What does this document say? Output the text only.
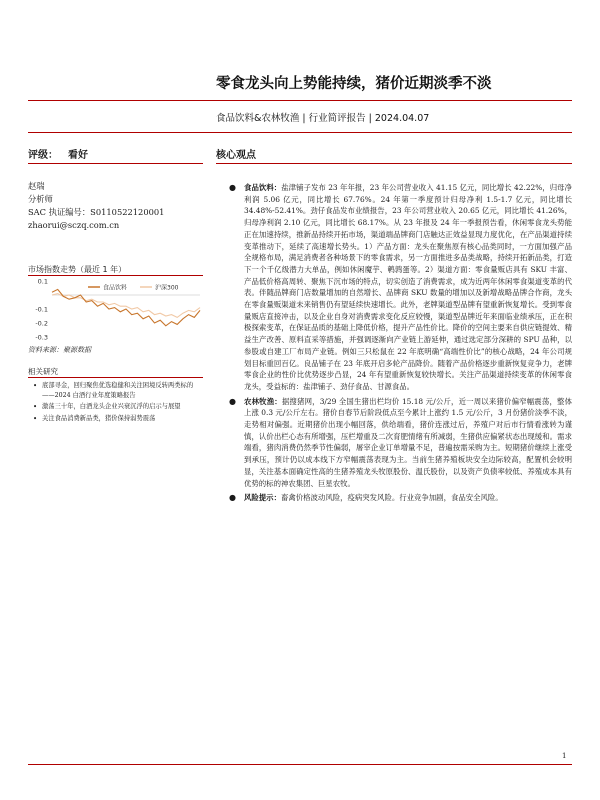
零食龙头向上势能持续，猪价近期淡季不淡
食品饮料&农林牧渔 | 行业简评报告 | 2024.04.07
评级： 看好	核心观点
赵瑞
分析师
SAC 执证编号：S0110522120001
zhaorui@sczq.com.cn
市场指数走势（最近 1 年）
0.1
-0.1
-0.2
-0.3
食品饮料	沪深300
资料来源：聚源数据
相关研究
• 底部寻金，回归聚焦优选稳健和关注困境反转两类标的——2024 白酒行业年度策略报告
• 激荡三十年，白酒龙头企业兴衰沉浮的启示与展望
• 关注食品消费新品类，猪价保持弱势震荡
● 食品饮料：盐津铺子发布 23 年年报，23 年公司营业收入 41.15 亿元，同比增长 42.22%，归母净利润 5.06 亿元，同比增长 67.76%。24 年第一季度预计归母净利 1.5-1.7 亿元，同比增长 34.48%-52.41%。劲仔食品发布业绩报告，23 年公司营业收入 20.65 亿元，同比增长 41.26%，归母净利润 2.10 亿元，同比增长 68.17%。从 23 年报及 24 年一季报预告看，休闲零食龙头势能正在加速持续，推新品持续开拓市场，渠道端品牌商门店触达正效益显现力度优化，在产品渠道持续变革推动下，延续了高速增长势头。1）产品方面：龙头在聚焦原有核心品类同时，一方面加强产品全规格布局，满足消费者各种场景下的零食需求，另一方面推进多品类战略，持续开拓新品类，打造下一个千亿级潜力大单品，例如休闲魔芋、鹌鹑蛋等。2）渠道方面：零食量贩店具有 SKU 丰富、产品低价格高周转、聚焦下沉市场的特点，切实创造了消费需求，成为近两年休闲零食渠道变革的代表。伴随品牌商门店数量增加的自然增长、品牌商 SKU 数量的增加以及新增战略品牌合作商，龙头在零食量贩渠道未来销售仍有望延续快速增长。此外，老牌渠道型品牌有望重新恢复增长。受到零食量贩店直接冲击，以及企业自身对消费需求变化反应较慢，渠道型品牌近年来面临业绩承压，正在积极探索变革，在保证品质的基础上降低价格，提升产品性价比。降价的空间主要来自供应链提效、精益生产改善、原料直采等措施，并强调逐渐向产业链上游延伸，通过选定部分深耕的 SPU 品种，以参股或自建工厂布局产业链。例如三只松鼠在 22 年底明确“高端性价比”的核心战略，24 年公司规划目标重回百亿。良品铺子在 23 年底开启多轮产品降价。随着产品价格逐步重新恢复竞争力，老牌零食企业的性价比优势逐步凸显，24 年有望重新恢复较快增长。关注产品渠道持续变革的休闲零食龙头，受益标的：盐津铺子、劲仔食品、甘源食品。
● 农林牧渔：据搜猪网，3/29 全国生猪出栏均价 15.18 元/公斤，近一周以来猪价偏窄幅震荡，整体上涨 0.3 元/公斤左右。猪价自春节后阶段低点至今累计上涨约 1.5 元/公斤，3 月份猪价淡季不淡，走势相对偏强。近期猪价出现小幅回落，供给端看，猪价连涨过后，养殖户对后市行情看涨转为谨慎，认价出栏心态有所增强，压栏增重及二次育肥情绪有所减弱，生猪供应偏紧状态出现缓和。需求端看，猪肉消费仍然季节性偏弱，屠宰企业订单增量不足，普遍按需采购为主。短期猪价继续上涨受到承压，预计仍以成本线下方窄幅震荡表现为主。当前生猪养殖板块安全边际较高，配置机会较明显，关注基本面确定性高的生猪养殖龙头牧原股份、温氏股份，以及资产负债率较低、养殖成本具有优势的标的神农集团、巨星农牧。
● 风险提示：畜禽价格波动风险，疫病突发风险。行业竞争加剧，食品安全风险。
1
